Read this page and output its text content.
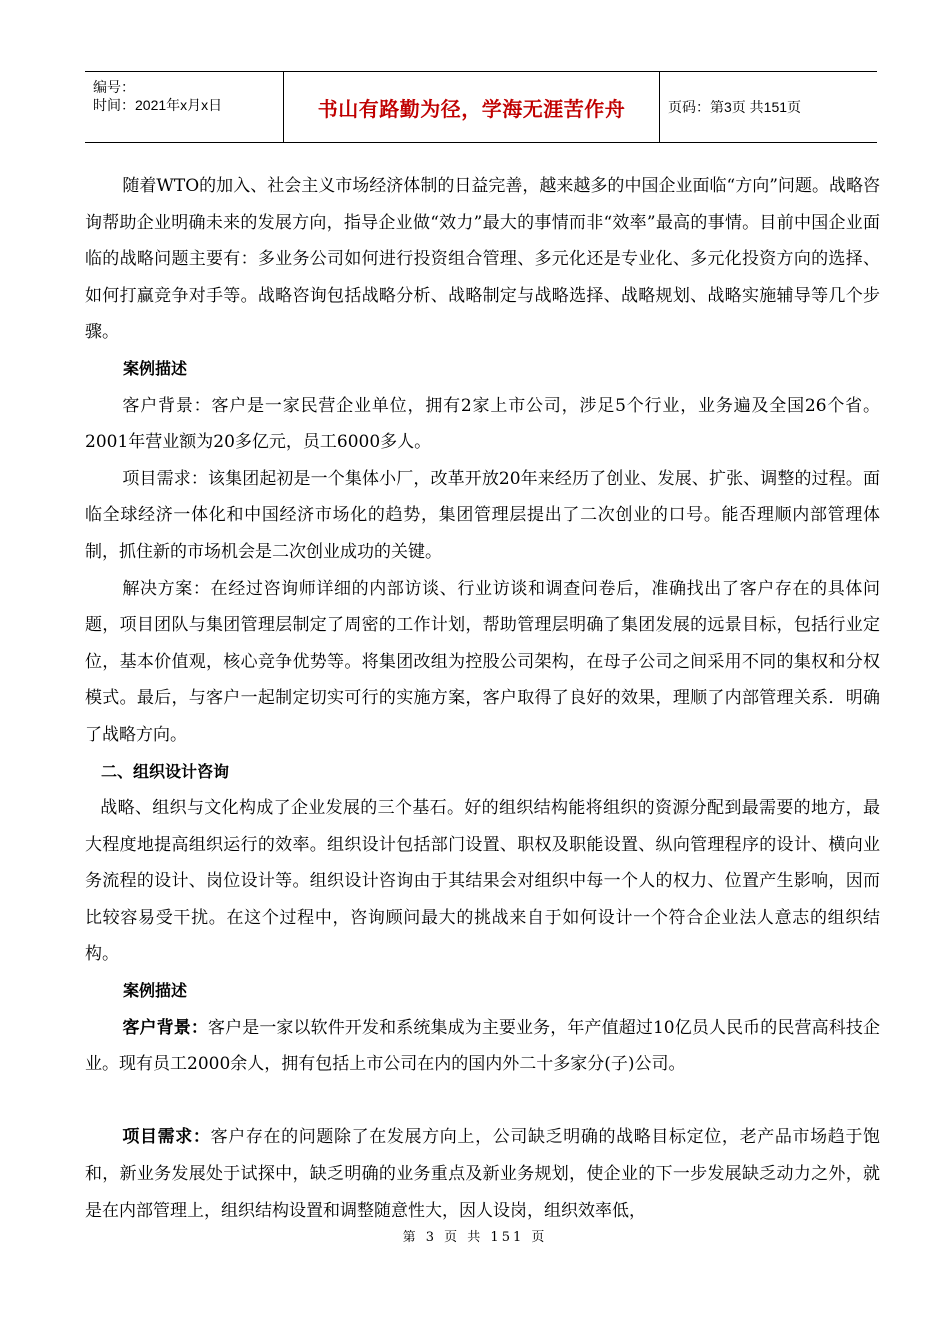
编号：
时间：2021年x月x日	书山有路勤为径，学海无涯苦作舟	页码：第3页 共151页

随着WTO的加入、社会主义市场经济体制的日益完善，越来越多的中国企业面临“方向”问题。战略咨询帮助企业明确未来的发展方向，指导企业做“效力”最大的事情而非“效率”最高的事情。目前中国企业面临的战略问题主要有：多业务公司如何进行投资组合管理、多元化还是专业化、多元化投资方向的选择、如何打赢竞争对手等。战略咨询包括战略分析、战略制定与战略选择、战略规划、战略实施辅导等几个步骤。

案例描述

客户背景：客户是一家民营企业单位，拥有2家上市公司，涉足5个行业，业务遍及全国26个省。2001年营业额为20多亿元，员工6000多人。

项目需求：该集团起初是一个集体小厂，改革开放20年来经历了创业、发展、扩张、调整的过程。面临全球经济一体化和中国经济市场化的趋势，集团管理层提出了二次创业的口号。能否理顺内部管理体制，抓住新的市场机会是二次创业成功的关键。

解决方案：在经过咨询师详细的内部访谈、行业访谈和调查问卷后，准确找出了客户存在的具体问题，项目团队与集团管理层制定了周密的工作计划，帮助管理层明确了集团发展的远景目标，包括行业定位，基本价值观，核心竞争优势等。将集团改组为控股公司架构，在母子公司之间采用不同的集权和分权模式。最后，与客户一起制定切实可行的实施方案，客户取得了良好的效果，理顺了内部管理关系．明确了战略方向。

二、组织设计咨询

战略、组织与文化构成了企业发展的三个基石。好的组织结构能将组织的资源分配到最需要的地方，最大程度地提高组织运行的效率。组织设计包括部门设置、职权及职能设置、纵向管理程序的设计、横向业务流程的设计、岗位设计等。组织设计咨询由于其结果会对组织中每一个人的权力、位置产生影响，因而比较容易受干扰。在这个过程中，咨询顾问最大的挑战来自于如何设计一个符合企业法人意志的组织结构。

案例描述

客户背景：客户是一家以软件开发和系统集成为主要业务，年产值超过10亿员人民币的民营高科技企业。现有员工2000余人，拥有包括上市公司在内的国内外二十多家分(子)公司。

项目需求：客户存在的问题除了在发展方向上，公司缺乏明确的战略目标定位，老产品市场趋于饱和，新业务发展处于试探中，缺乏明确的业务重点及新业务规划，使企业的下一步发展缺乏动力之外，就是在内部管理上，组织结构设置和调整随意性大，因人设岗，组织效率低，

第 3 页 共 151 页
